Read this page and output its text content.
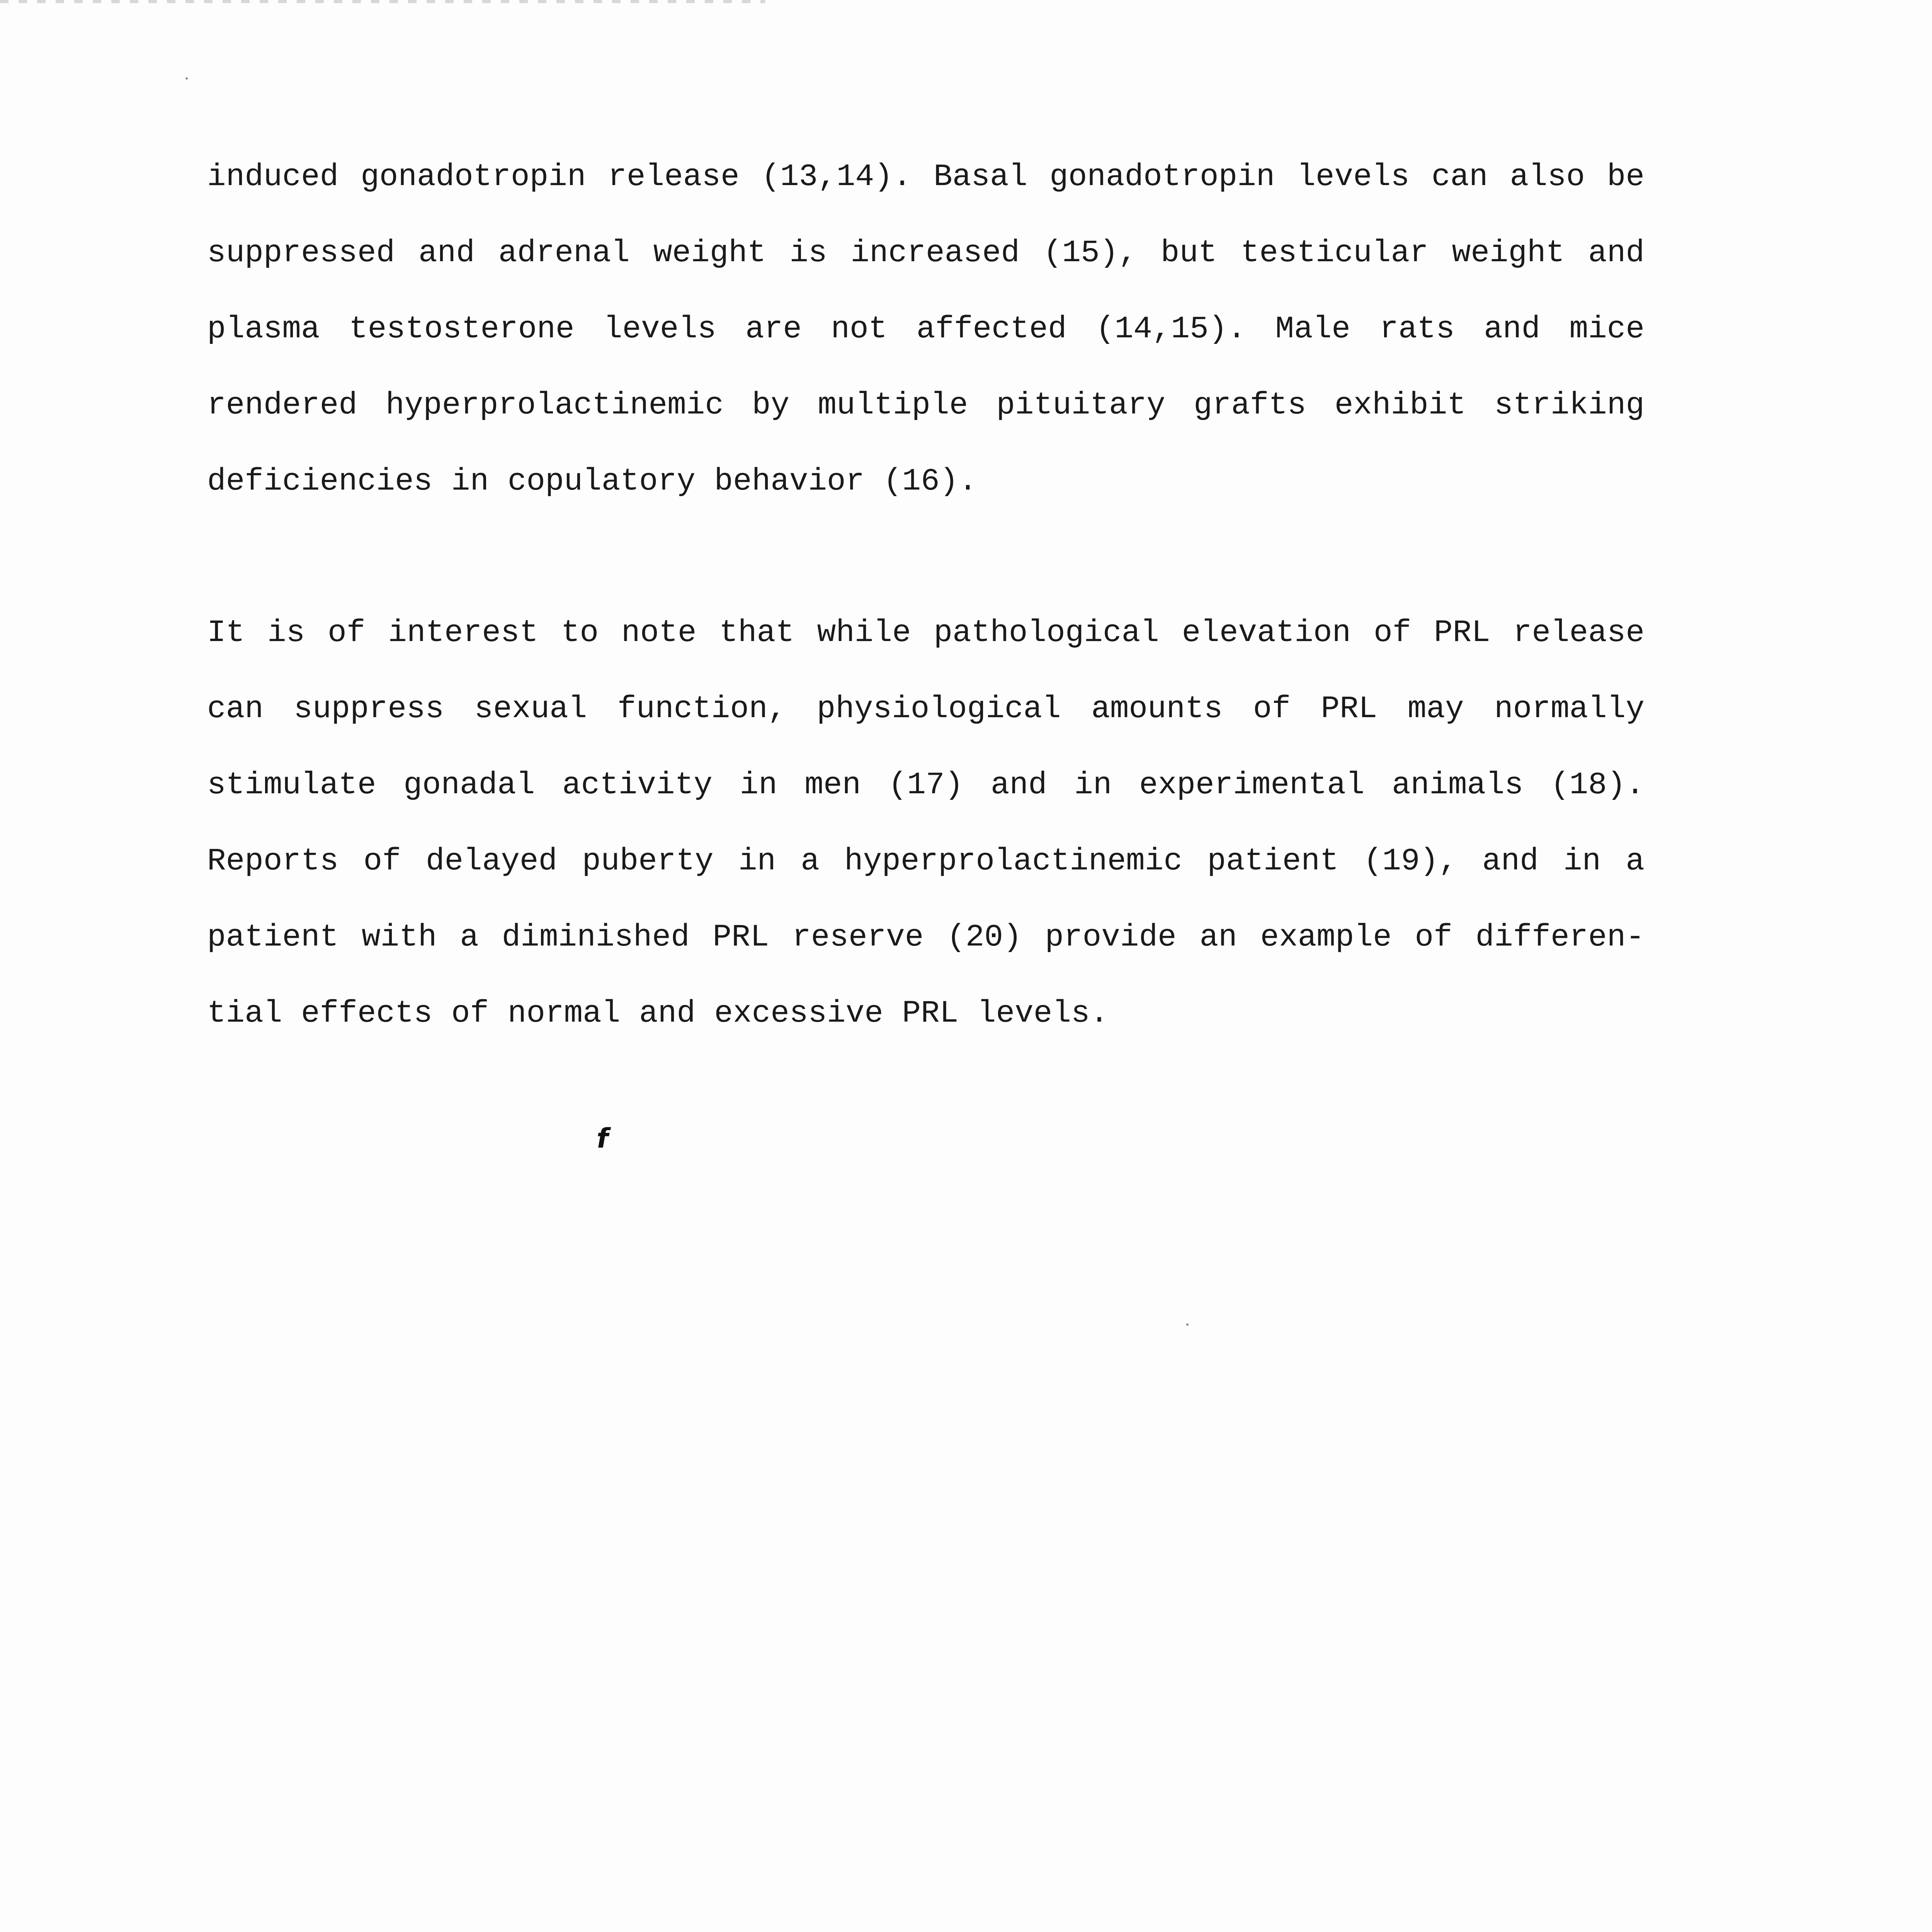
induced gonadotropin release (13,14). Basal gonadotropin levels can also be
suppressed and adrenal weight is increased (15), but testicular weight and
plasma testosterone levels are not affected (14,15). Male rats and mice
rendered hyperprolactinemic by multiple pituitary grafts exhibit striking
deficiencies in copulatory behavior (16).
It is of interest to note that while pathological elevation of PRL release
can suppress sexual function, physiological amounts of PRL may normally
stimulate gonadal activity in men (17) and in experimental animals (18).
Reports of delayed puberty in a hyperprolactinemic patient (19), and in a
patient with a diminished PRL reserve (20) provide an example of differen-
tial effects of normal and excessive PRL levels.
f
